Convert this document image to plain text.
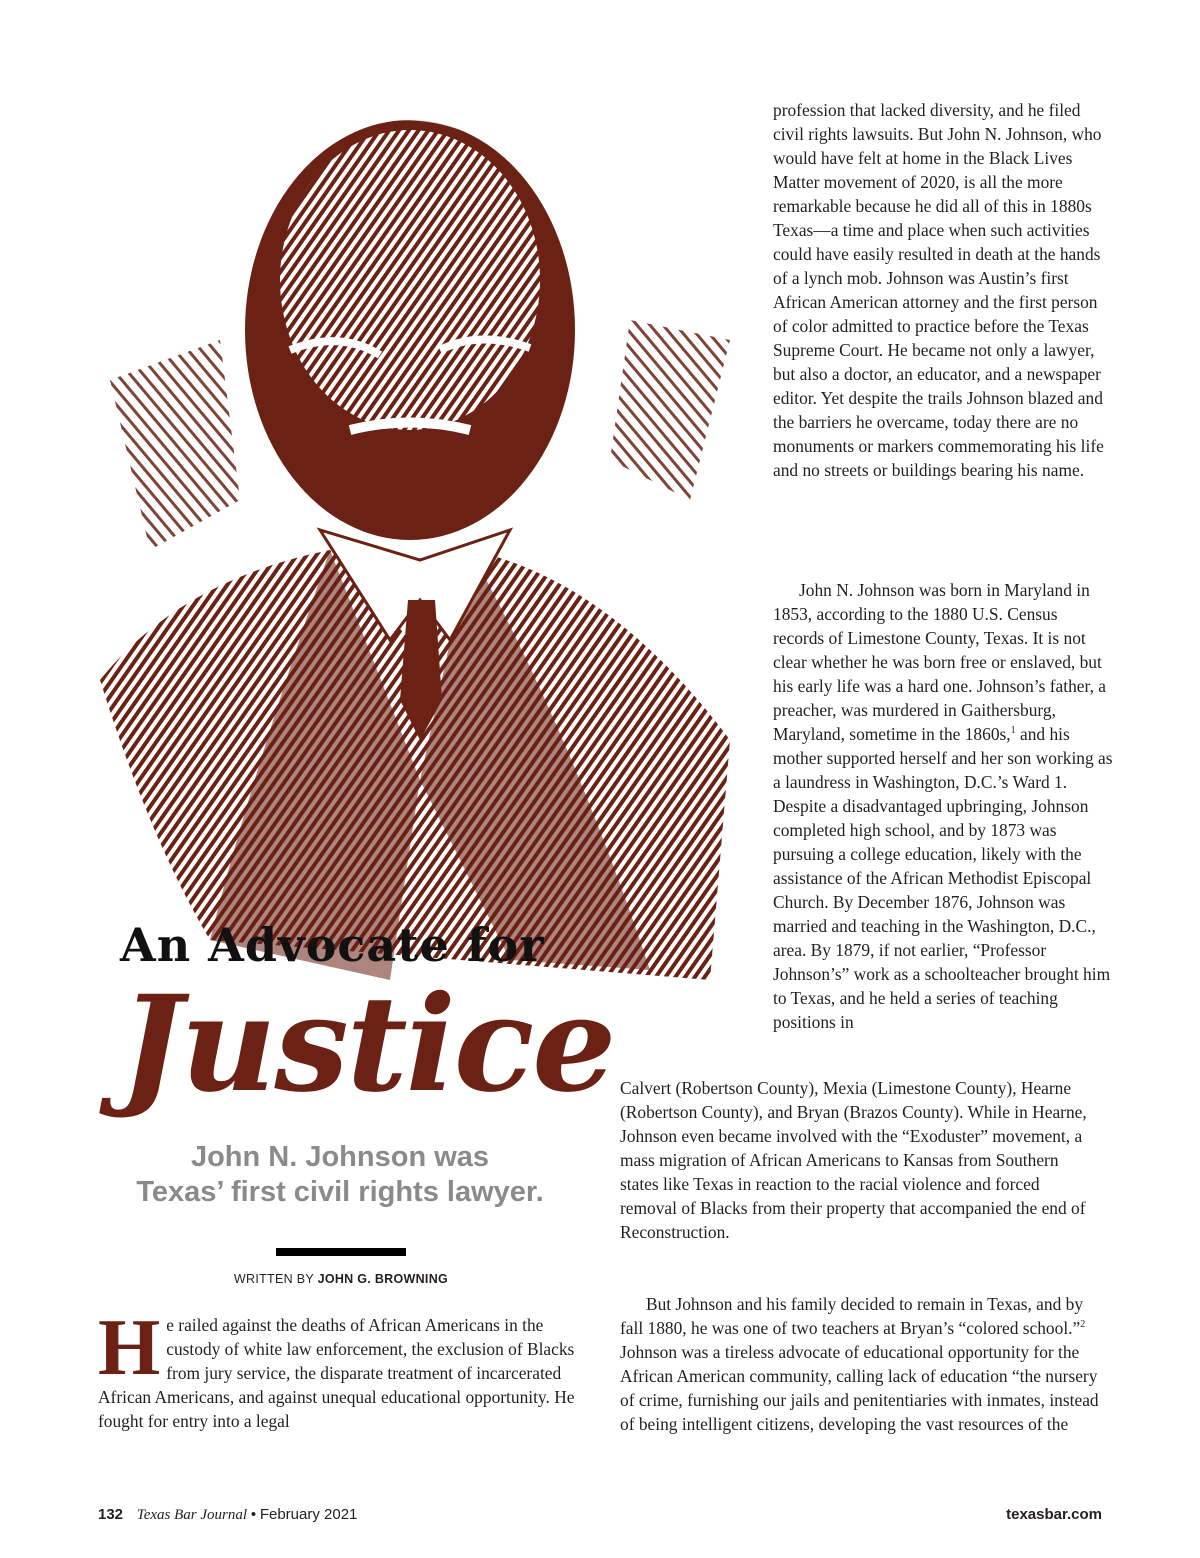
profession that lacked diversity, and he filed civil rights lawsuits. But John N. Johnson, who would have felt at home in the Black Lives Matter movement of 2020, is all the more remarkable because he did all of this in 1880s Texas—a time and place when such activities could have easily resulted in death at the hands of a lynch mob. Johnson was Austin’s first African American attorney and the first person of color admitted to practice before the Texas Supreme Court. He became not only a lawyer, but also a doctor, an educator, and a newspaper editor. Yet despite the trails Johnson blazed and the barriers he overcame, today there are no monuments or markers commemorating his life and no streets or buildings bearing his name.

John N. Johnson was born in Maryland in 1853, according to the 1880 U.S. Census records of Limestone County, Texas. It is not clear whether he was born free or enslaved, but his early life was a hard one. Johnson’s father, a preacher, was murdered in Gaithersburg, Maryland, sometime in the 1860s,$^1$ and his mother supported herself and her son working as a laundress in Washington, D.C.’s Ward 1. Despite a disadvantaged upbringing, Johnson completed high school, and by 1873 was pursuing a college education, likely with the assistance of the African Methodist Episcopal Church. By December 1876, Johnson was married and teaching in the Washington, D.C., area. By 1879, if not earlier, “Professor Johnson’s” work as a schoolteacher brought him to Texas, and he held a series of teaching positions in

Calvert (Robertson County), Mexia (Limestone County), Hearne (Robertson County), and Bryan (Brazos County). While in Hearne, Johnson even became involved with the “Exoduster” movement, a mass migration of African Americans to Kansas from Southern states like Texas in reaction to the racial violence and forced removal of Blacks from their property that accompanied the end of Reconstruction.

But Johnson and his family decided to remain in Texas, and by fall 1880, he was one of two teachers at Bryan’s “colored school.”$^2$ Johnson was a tireless advocate of educational opportunity for the African American community, calling lack of education “the nursery of crime, furnishing our jails and penitentiaries with inmates, instead of being intelligent citizens, developing the vast resources of the

An Advocate for
Justice
John N. Johnson was
Texas’ first civil rights lawyer.
WRITTEN BY JOHN G. BROWNING
H e railed against the deaths of African Americans in the custody of white law enforcement, the exclusion of Blacks from jury service, the disparate treatment of incarcerated African Americans, and against unequal educational opportunity. He fought for entry into a legal
132 Texas Bar Journal • February 2021	texasbar.com
